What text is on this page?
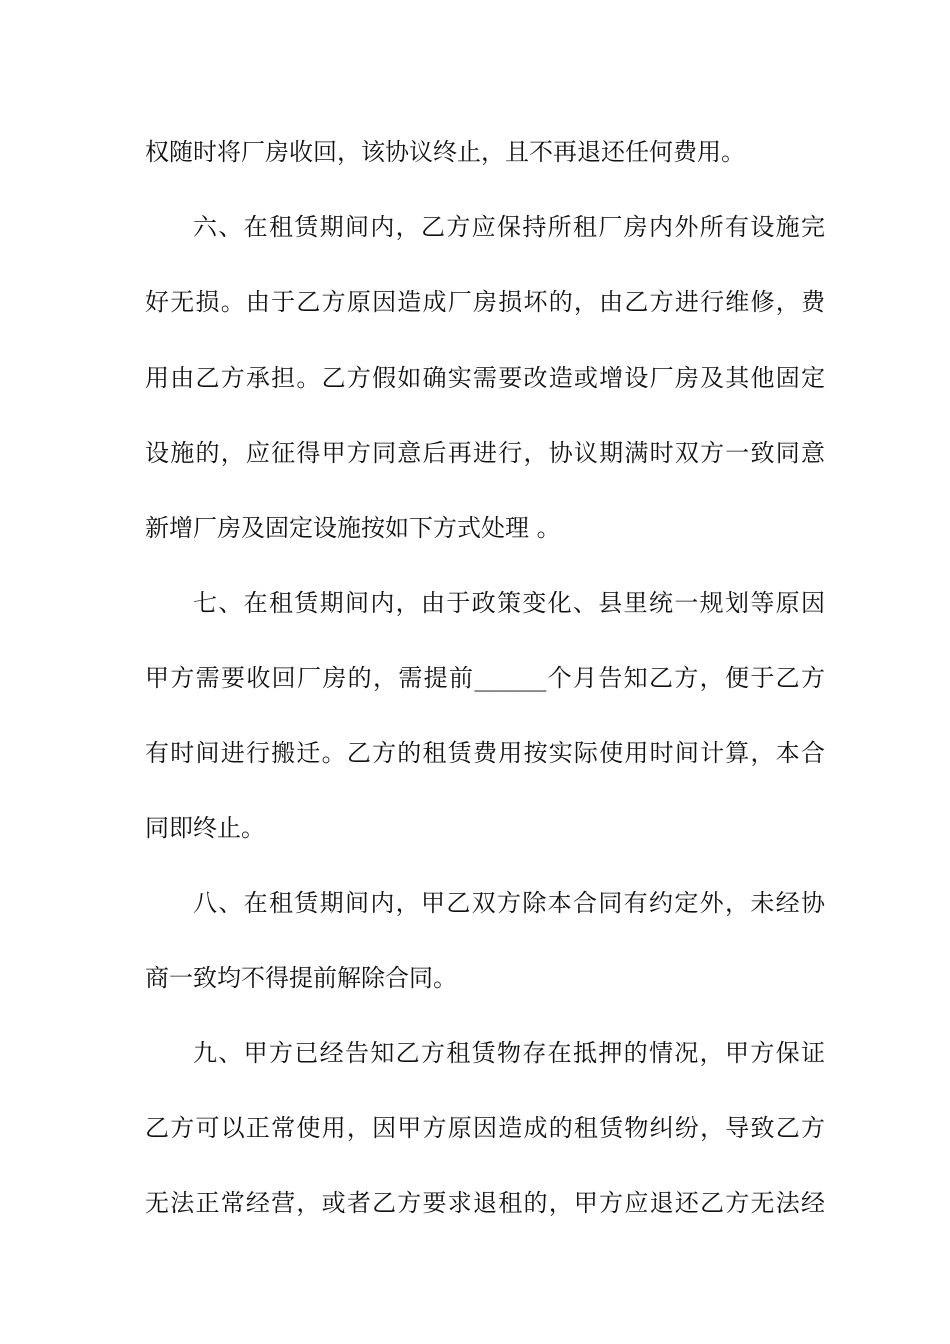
权随时将厂房收回，该协议终止，且不再退还任何费用。

六、在租赁期间内，乙方应保持所租厂房内外所有设施完

好无损。由于乙方原因造成厂房损坏的，由乙方进行维修，费

用由乙方承担。乙方假如确实需要改造或增设厂房及其他固定

设施的，应征得甲方同意后再进行，协议期满时双方一致同意

新增厂房及固定设施按如下方式处理 。

七、在租赁期间内，由于政策变化、县里统一规划等原因

甲方需要收回厂房的，需提前______个月告知乙方，便于乙方

有时间进行搬迁。乙方的租赁费用按实际使用时间计算，本合

同即终止。

八、在租赁期间内，甲乙双方除本合同有约定外，未经协

商一致均不得提前解除合同。

九、甲方已经告知乙方租赁物存在抵押的情况，甲方保证

乙方可以正常使用，因甲方原因造成的租赁物纠纷，导致乙方

无法正常经营，或者乙方要求退租的，甲方应退还乙方无法经
